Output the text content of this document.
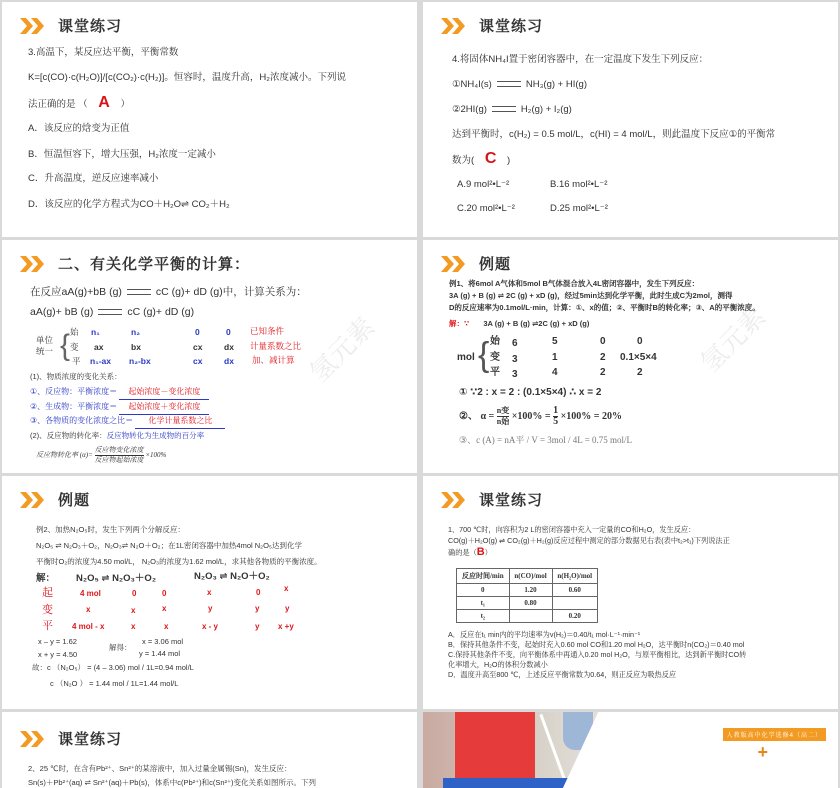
课堂练习
3.高温下，某反应达平衡，平衡常数
K=[c(CO)·c(H₂O)]/[c(CO₂)·c(H₂)]。恒容时，温度升高，H₂浓度减小。下列说
法正确的是 （ A ）
A．该反应的焓变为正值
B．恒温恒容下，增大压强，H₂浓度一定减小
C．升高温度，逆反应速率减小
D．该反应的化学方程式为CO＋H₂O⇌ CO₂＋H₂
课堂练习
4.将固体NH₄I置于密闭容器中，在一定温度下发生下列反应：
①NH₄I(s)	NH₃(g) + HI(g)
②2HI(g)	H₂(g) + I₂(g)
达到平衡时，c(H₂) = 0.5 mol/L，c(HI) = 4 mol/L，则此温度下反应①的平衡常
数为( C )
A.9 mol²•L⁻²	B.16 mol²•L⁻²
C.20 mol²•L⁻²	D.25 mol²•L⁻²
二、有关化学平衡的计算：
在反应aA(g)+bB (g)	cC (g)+ dD (g)中，计算关系为：
aA(g)+ bB (g)	cC (g)+ dD (g)
单位统一 { 始 n₁	n₂	0	0 已知条件
变 ax	bx	cx	dx 计量系数之比
平 n₁-ax n₂-bx	cx	dx 加、减计算
(1)、物质浓度的变化关系：
①、反应物：平衡浓度＝ 起始浓度－变化浓度
②、生成物：平衡浓度＝ 起始浓度＋变化浓度
③、各物质的变化浓度之比＝ 化学计量系数之比
(2)、反应物的转化率：反应物转化为生成物的百分率
反应物转化率 (α)=
反应物变化浓度
反应物起始浓度
×100%
氢元素
例题
例1、将6mol A气体和5mol B气体混合放入4L密闭容器中，发生下列反应：
3A (g) + B (g) ⇌ 2C (g) + xD (g)，经过5min达到化学平衡，此时生成C为2mol，测得
D的反应速率为0.1mol/L·min，计算：①、x的值；②、平衡时B的转化率；③、A的平衡浓度。
解：∵ 3A (g) + B (g) ⇌2C (g) + xD (g)
mol { 始 6	5	0	0
变 3	1	2 0.1×5×4
平 3	4	2	2
① ∵2 : x = 2 : (0.1×5×4) ∴ x = 2
②、 α =
n变
n始 $\times 100\% = \frac{1}{5} \times 100\% = 20\%$
③、c (A) = nA平 / V = 3mol / 4L = 0.75 mol/L
氢元素
例题
例2、加热N₂O₅时，发生下列两个分解反应：
N₂O₅ ⇌ N₂O₃＋O₂，N₂O₃⇌ N₂O＋O₂；在1L密闭容器中加热4mol N₂O₅达到化学
平衡时O₂的浓度为4.50 mol/L， N₂O₃的浓度为1.62 mol/L，求其他各物质的平衡浓度。
解： N₂O₅ ⇌ N₂O₃＋O₂	N₂O₃ ⇌ N₂O＋O₂
起	4 mol	0	0	x	0	x
变	x	x	x	y	y	y
平 4 mol - x	x	x	x - y	y x +y
x – y = 1.62
x + y = 4.50
解得：
x = 3.06 mol
y = 1.44 mol
故：c （N₂O₅） = (4 – 3.06) mol / 1L=0.94 mol/L
c （N₂O ） = 1.44 mol / 1L=1.44 mol/L
课堂练习
1、700 ℃时，向容积为2 L的密闭容器中充入一定量的CO和H₂O，发生反应：
CO(g)＋H₂O(g) ⇌ CO₂(g)＋H₂(g)反应过程中测定的部分数据见右表(表中t₂>t₁)下列说法正
确的是（B）
反应时间/min	n(CO)/mol	n(H₂O)/mol
0	1.20	0.60
t₁	0.80	
t₂		0.20
A．反应在t₁ min内的平均速率为v(H₂)＝0.40/t₁ mol·L⁻¹·min⁻¹
B．保持其他条件不变，起始时充入0.60 mol CO和1.20 mol H₂O，达平衡时n(CO₂)＝0.40 mol
C.保持其他条件不变，向平衡体系中再通入0.20 mol H₂O，与原平衡相比，达到新平衡时CO转
化率增大，H₂O的体积分数减小
D．温度升高至800 ℃，上述反应平衡常数为0.64，则正反应为吸热反应
课堂练习
2、25 ℃时，在含有Pb²⁺、Sn²⁺的某溶液中，加入过量金属锡(Sn)，发生反应：
Sn(s)＋Pb²⁺(aq) ⇌ Sn²⁺(aq)＋Pb(s)，体系中c(Pb²⁺)和c(Sn²⁺)变化关系如图所示。下列
人教版高中化学选修4（高二）
+
